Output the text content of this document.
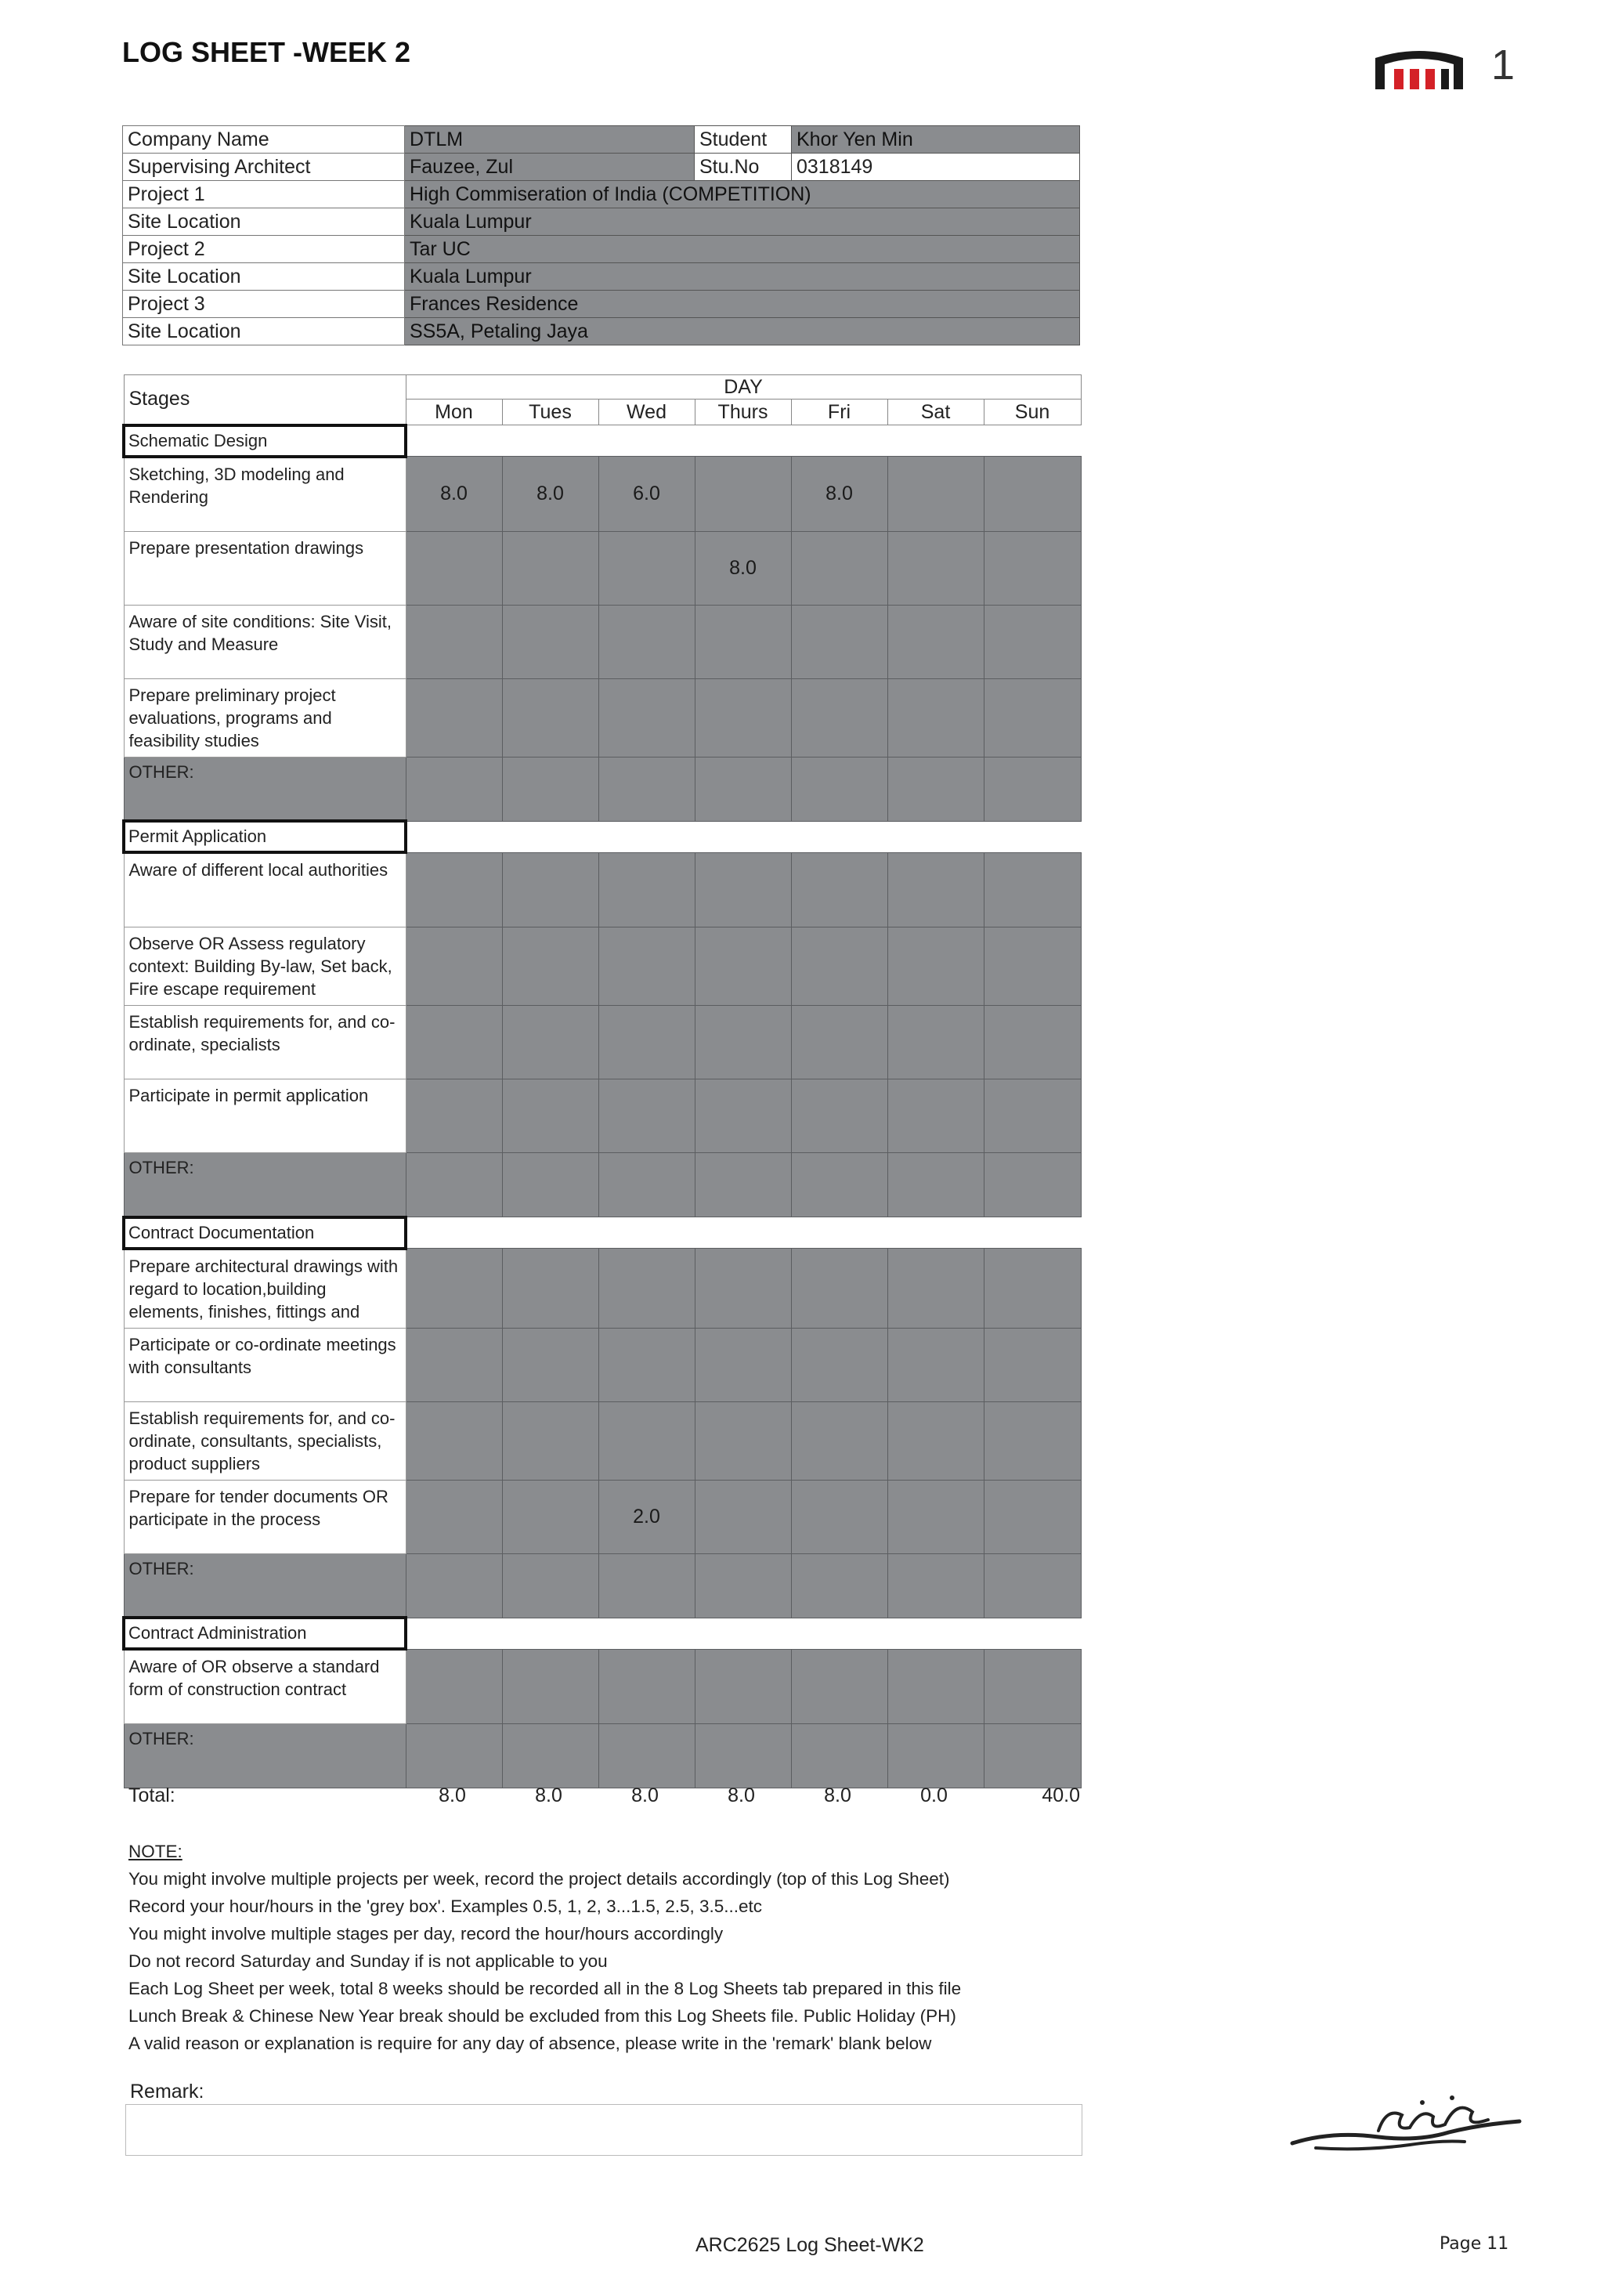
LOG SHEET -WEEK 2	1
Company Name	DTLM	Student	Khor Yen Min
Supervising Architect	Fauzee, Zul	Stu.No	0318149
Project 1	High Commiseration of India (COMPETITION)		
Site Location	Kuala Lumpur		
Project 2	Tar UC		
Site Location	Kuala Lumpur		
Project 3	Frances Residence		
Site Location	SS5A, Petaling Jaya		
Stages	DAY						
	Mon	Tues	Wed	Thurs	Fri	Sat	Sun
Schematic Design							
Sketching, 3D modeling and Rendering	8.0	8.0	6.0		8.0		
Prepare presentation drawings				8.0			
Aware of site conditions: Site Visit, Study and Measure							
Prepare preliminary project evaluations, programs and feasibility studies							
OTHER:							
Permit Application							
Aware of different local authorities							
Observe OR Assess regulatory context: Building By-law, Set back, Fire escape requirement							
Establish requirements for, and co-ordinate, specialists							
Participate in permit application							
OTHER:							
Contract Documentation							
Prepare architectural drawings with regard to location,building elements, finishes, fittings and							
Participate or co-ordinate meetings with consultants							
Establish requirements for, and co-ordinate, consultants, specialists, product suppliers							
Prepare for tender documents OR participate in the process			2.0				
OTHER:							
Contract Administration							
Aware of OR observe a standard form of construction contract							
OTHER:							
Total:	8.0	8.0	8.0	8.0	8.0	0.0	40.0
NOTE:
You might involve multiple projects per week, record the project details accordingly (top of this Log Sheet)
Record your hour/hours in the 'grey box'. Examples 0.5, 1, 2, 3...1.5, 2.5, 3.5...etc
You might involve multiple stages per day, record the hour/hours accordingly
Do not record Saturday and Sunday if is not applicable to you
Each Log Sheet per week, total 8 weeks should be recorded all in the 8 Log Sheets tab prepared in this file
Lunch Break & Chinese New Year break should be excluded from this Log Sheets file. Public Holiday (PH)
A valid reason or explanation is require for any day of absence, please write in the 'remark' blank below
Remark:
ARC2625 Log Sheet-WK2	Page 11
